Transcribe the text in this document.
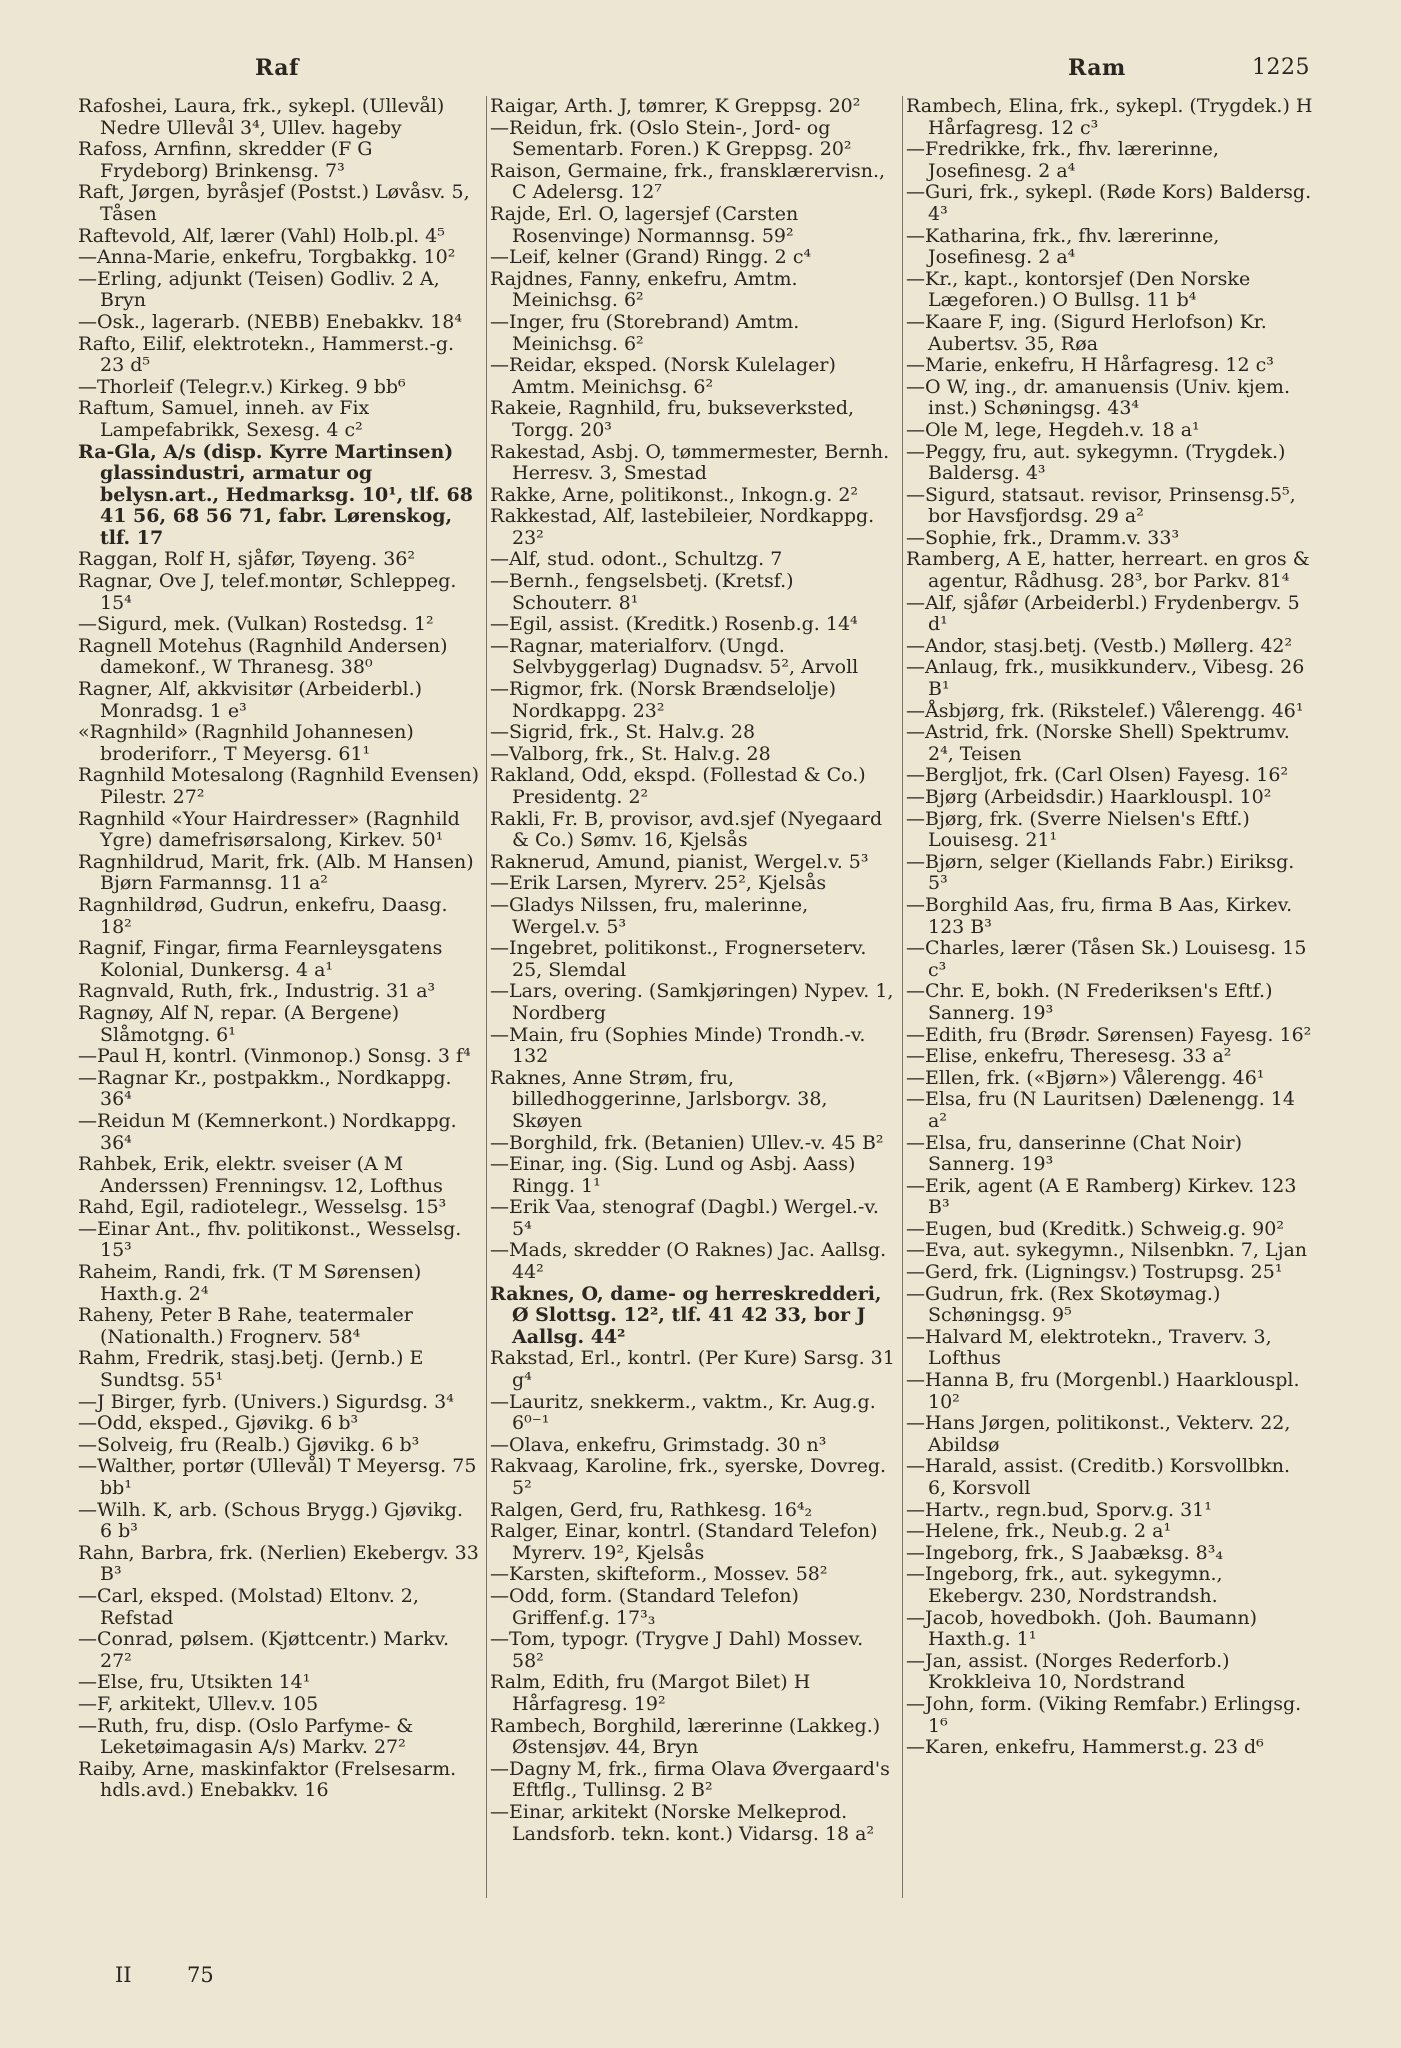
Raf	Ram	1225

Rafoshei, Laura, frk., sykepl. (Ullevål) Nedre Ullevål 3⁴, Ullev. hageby

Rafoss, Arnfinn, skredder (F G Frydeborg) Brinkensg. 7³

Raft, Jørgen, byråsjef (Postst.) Løvåsv. 5, Tåsen

Raftevold, Alf, lærer (Vahl) Holb.pl. 4⁵

—Anna-Marie, enkefru, Torgbakkg. 10²

—Erling, adjunkt (Teisen) Godliv. 2 A, Bryn

—Osk., lagerarb. (NEBB) Enebakkv. 18⁴

Rafto, Eilif, elektrotekn., Hammerst.-g. 23 d⁵

—Thorleif (Telegr.v.) Kirkeg. 9 bb⁶

Raftum, Samuel, inneh. av Fix Lampefabrikk, Sexesg. 4 c²

Ra-Gla, A/s (disp. Kyrre Martinsen) glassindustri, armatur og belysn.art., Hedmarksg. 10¹, tlf. 68 41 56, 68 56 71, fabr. Lørenskog, tlf. 17

Raggan, Rolf H, sjåfør, Tøyeng. 36²

Ragnar, Ove J, telef.montør, Schleppeg. 15⁴

—Sigurd, mek. (Vulkan) Rostedsg. 1²

Ragnell Motehus (Ragnhild Andersen) damekonf., W Thranesg. 38⁰

Ragner, Alf, akkvisitør (Arbeiderbl.) Monradsg. 1 e³

«Ragnhild» (Ragnhild Johannesen) broderiforr., T Meyersg. 61¹

Ragnhild Motesalong (Ragnhild Evensen) Pilestr. 27²

Ragnhild «Your Hairdresser» (Ragnhild Ygre) damefrisørsalong, Kirkev. 50¹

Ragnhildrud, Marit, frk. (Alb. M Hansen) Bjørn Farmannsg. 11 a²

Ragnhildrød, Gudrun, enkefru, Daasg. 18²

Ragnif, Fingar, firma Fearnleysgatens Kolonial, Dunkersg. 4 a¹

Ragnvald, Ruth, frk., Industrig. 31 a³

Ragnøy, Alf N, repar. (A Bergene) Slåmotgng. 6¹

—Paul H, kontrl. (Vinmonop.) Sonsg. 3 f⁴

—Ragnar Kr., postpakkm., Nordkappg. 36⁴

—Reidun M (Kemnerkont.) Nordkappg. 36⁴

Rahbek, Erik, elektr. sveiser (A M Anderssen) Frenningsv. 12, Lofthus

Rahd, Egil, radiotelegr., Wesselsg. 15³

—Einar Ant., fhv. politikonst., Wesselsg. 15³

Raheim, Randi, frk. (T M Sørensen) Haxth.g. 2⁴

Raheny, Peter B Rahe, teatermaler (Nationalth.) Frognerv. 58⁴

Rahm, Fredrik, stasj.betj. (Jernb.) E Sundtsg. 55¹

—J Birger, fyrb. (Univers.) Sigurdsg. 3⁴

—Odd, eksped., Gjøvikg. 6 b³

—Solveig, fru (Realb.) Gjøvikg. 6 b³

—Walther, portør (Ullevål) T Meyersg. 75 bb¹

—Wilh. K, arb. (Schous Brygg.) Gjøvikg. 6 b³

Rahn, Barbra, frk. (Nerlien) Ekebergv. 33 B³

—Carl, eksped. (Molstad) Eltonv. 2, Refstad

—Conrad, pølsem. (Kjøttcentr.) Markv. 27²

—Else, fru, Utsikten 14¹

—F, arkitekt, Ullev.v. 105

—Ruth, fru, disp. (Oslo Parfyme- & Leketøimagasin A/s) Markv. 27²

Raiby, Arne, maskinfaktor (Frelsesarm. hdls.avd.) Enebakkv. 16

Raigar, Arth. J, tømrer, K Greppsg. 20²

—Reidun, frk. (Oslo Stein-, Jord- og Sementarb. Foren.) K Greppsg. 20²

Raison, Germaine, frk., fransklærervisn., C Adelersg. 12⁷

Rajde, Erl. O, lagersjef (Carsten Rosenvinge) Normannsg. 59²

—Leif, kelner (Grand) Ringg. 2 c⁴

Rajdnes, Fanny, enkefru, Amtm. Meinichsg. 6²

—Inger, fru (Storebrand) Amtm. Meinichsg. 6²

—Reidar, eksped. (Norsk Kulelager) Amtm. Meinichsg. 6²

Rakeie, Ragnhild, fru, bukseverksted, Torgg. 20³

Rakestad, Asbj. O, tømmermester, Bernh. Herresv. 3, Smestad

Rakke, Arne, politikonst., Inkogn.g. 2²

Rakkestad, Alf, lastebileier, Nordkappg. 23²

—Alf, stud. odont., Schultzg. 7

—Bernh., fengselsbetj. (Kretsf.) Schouterr. 8¹

—Egil, assist. (Kreditk.) Rosenb.g. 14⁴

—Ragnar, materialforv. (Ungd. Selvbyggerlag) Dugnadsv. 5², Arvoll

—Rigmor, frk. (Norsk Brændselolje) Nordkappg. 23²

—Sigrid, frk., St. Halv.g. 28

—Valborg, frk., St. Halv.g. 28

Rakland, Odd, ekspd. (Follestad & Co.) Presidentg. 2²

Rakli, Fr. B, provisor, avd.sjef (Nyegaard & Co.) Sømv. 16, Kjelsås

Raknerud, Amund, pianist, Wergel.v. 5³

—Erik Larsen, Myrerv. 25², Kjelsås

—Gladys Nilssen, fru, malerinne, Wergel.v. 5³

—Ingebret, politikonst., Frognerseterv. 25, Slemdal

—Lars, overing. (Samkjøringen) Nypev. 1, Nordberg

—Main, fru (Sophies Minde) Trondh.-v. 132

Raknes, Anne Strøm, fru, billedhoggerinne, Jarlsborgv. 38, Skøyen

—Borghild, frk. (Betanien) Ullev.-v. 45 B²

—Einar, ing. (Sig. Lund og Asbj. Aass) Ringg. 1¹

—Erik Vaa, stenograf (Dagbl.) Wergel.-v. 5⁴

—Mads, skredder (O Raknes) Jac. Aallsg. 44²

Raknes, O, dame- og herreskredderi, Ø Slottsg. 12², tlf. 41 42 33, bor J Aallsg. 44²

Rakstad, Erl., kontrl. (Per Kure) Sarsg. 31 g⁴

—Lauritz, snekkerm., vaktm., Kr. Aug.g. 6⁰⁻¹

—Olava, enkefru, Grimstadg. 30 n³

Rakvaag, Karoline, frk., syerske, Dovreg. 5²

Ralgen, Gerd, fru, Rathkesg. 16⁴₂

Ralger, Einar, kontrl. (Standard Telefon) Myrerv. 19², Kjelsås

—Karsten, skifteform., Mossev. 58²

—Odd, form. (Standard Telefon) Griffenf.g. 17³₃

—Tom, typogr. (Trygve J Dahl) Mossev. 58²

Ralm, Edith, fru (Margot Bilet) H Hårfagresg. 19²

Rambech, Borghild, lærerinne (Lakkeg.) Østensjøv. 44, Bryn

—Dagny M, frk., firma Olava Øvergaard's Eftflg., Tullinsg. 2 B²

—Einar, arkitekt (Norske Melkeprod. Landsforb. tekn. kont.) Vidarsg. 18 a²

Rambech, Elina, frk., sykepl. (Trygdek.) H Hårfagresg. 12 c³

—Fredrikke, frk., fhv. lærerinne, Josefinesg. 2 a⁴

—Guri, frk., sykepl. (Røde Kors) Baldersg. 4³

—Katharina, frk., fhv. lærerinne, Josefinesg. 2 a⁴

—Kr., kapt., kontorsjef (Den Norske Lægeforen.) O Bullsg. 11 b⁴

—Kaare F, ing. (Sigurd Herlofson) Kr. Aubertsv. 35, Røa

—Marie, enkefru, H Hårfagresg. 12 c³

—O W, ing., dr. amanuensis (Univ. kjem. inst.) Schøningsg. 43⁴

—Ole M, lege, Hegdeh.v. 18 a¹

—Peggy, fru, aut. sykegymn. (Trygdek.) Baldersg. 4³

—Sigurd, statsaut. revisor, Prinsensg.5⁵, bor Havsfjordsg. 29 a²

—Sophie, frk., Dramm.v. 33³

Ramberg, A E, hatter, herreart. en gros & agentur, Rådhusg. 28³, bor Parkv. 81⁴

—Alf, sjåfør (Arbeiderbl.) Frydenbergv. 5 d¹

—Andor, stasj.betj. (Vestb.) Møllerg. 42²

—Anlaug, frk., musikkunderv., Vibesg. 26 B¹

—Åsbjørg, frk. (Rikstelef.) Vålerengg. 46¹

—Astrid, frk. (Norske Shell) Spektrumv. 2⁴, Teisen

—Bergljot, frk. (Carl Olsen) Fayesg. 16²

—Bjørg (Arbeidsdir.) Haarklouspl. 10²

—Bjørg, frk. (Sverre Nielsen's Eftf.) Louisesg. 21¹

—Bjørn, selger (Kiellands Fabr.) Eiriksg. 5³

—Borghild Aas, fru, firma B Aas, Kirkev. 123 B³

—Charles, lærer (Tåsen Sk.) Louisesg. 15 c³

—Chr. E, bokh. (N Frederiksen's Eftf.) Sannerg. 19³

—Edith, fru (Brødr. Sørensen) Fayesg. 16²

—Elise, enkefru, Theresesg. 33 a²

—Ellen, frk. («Bjørn») Vålerengg. 46¹

—Elsa, fru (N Lauritsen) Dælenengg. 14 a²

—Elsa, fru, danserinne (Chat Noir) Sannerg. 19³

—Erik, agent (A E Ramberg) Kirkev. 123 B³

—Eugen, bud (Kreditk.) Schweig.g. 90²

—Eva, aut. sykegymn., Nilsenbkn. 7, Ljan

—Gerd, frk. (Ligningsv.) Tostrupsg. 25¹

—Gudrun, frk. (Rex Skotøymag.) Schøningsg. 9⁵

—Halvard M, elektrotekn., Traverv. 3, Lofthus

—Hanna B, fru (Morgenbl.) Haarklouspl. 10²

—Hans Jørgen, politikonst., Vekterv. 22, Abildsø

—Harald, assist. (Creditb.) Korsvollbkn. 6, Korsvoll

—Hartv., regn.bud, Sporv.g. 31¹

—Helene, frk., Neub.g. 2 a¹

—Ingeborg, frk., S Jaabæksg. 8³₄

—Ingeborg, frk., aut. sykegymn., Ekebergv. 230, Nordstrandsh.

—Jacob, hovedbokh. (Joh. Baumann) Haxth.g. 1¹

—Jan, assist. (Norges Rederforb.) Krokkleiva 10, Nordstrand

—John, form. (Viking Remfabr.) Erlingsg. 1⁶

—Karen, enkefru, Hammerst.g. 23 d⁶

II	75
